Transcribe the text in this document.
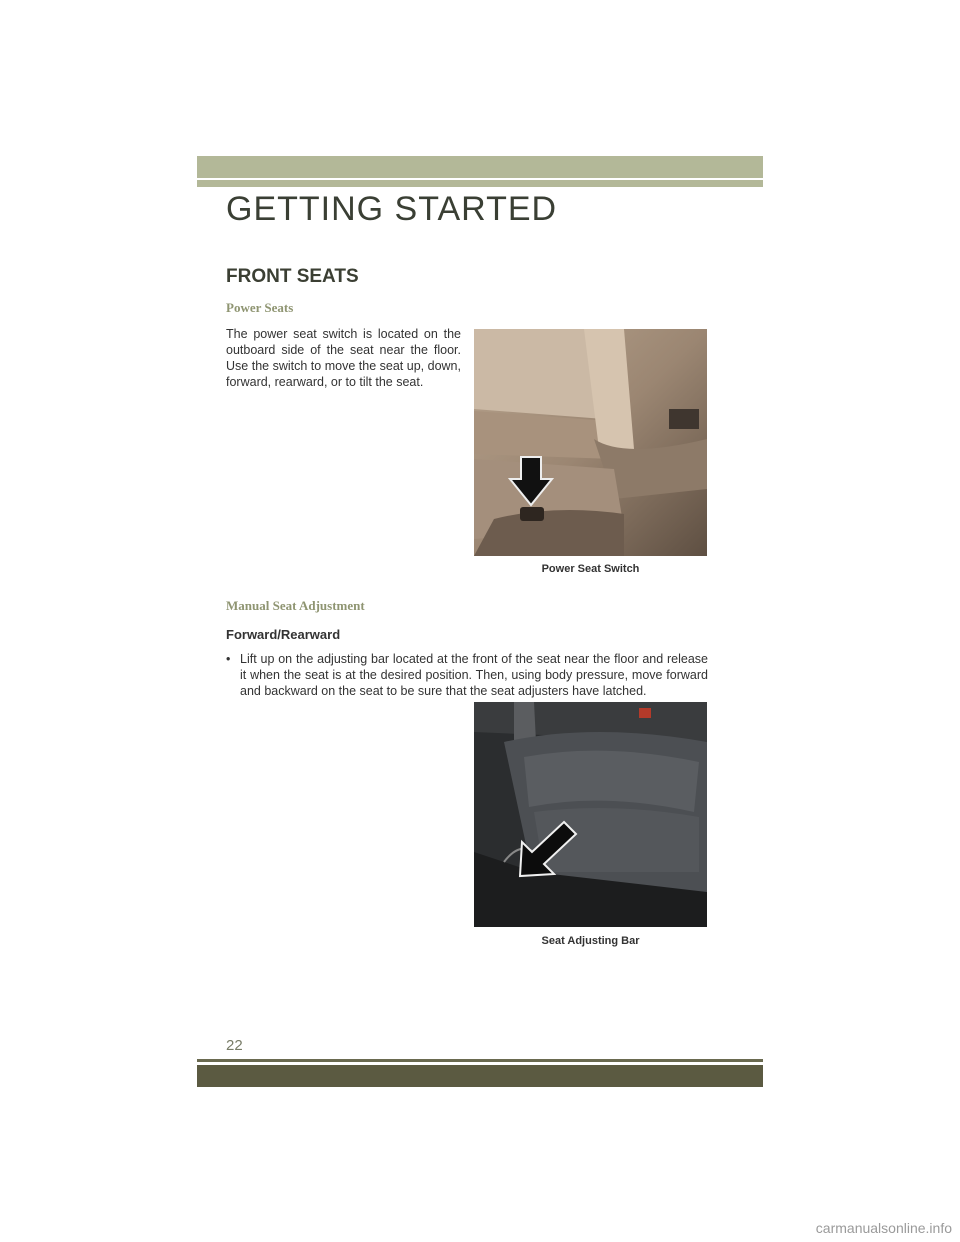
GETTING STARTED
FRONT SEATS
Power Seats
The power seat switch is located on the outboard side of the seat near the floor. Use the switch to move the seat up, down, forward, rearward, or to tilt the seat.
Power Seat Switch
Manual Seat Adjustment
Forward/Rearward
• Lift up on the adjusting bar located at the front of the seat near the floor and release it when the seat is at the desired position. Then, using body pressure, move forward and backward on the seat to be sure that the seat adjusters have latched.
Seat Adjusting Bar
22
carmanualsonline.info
